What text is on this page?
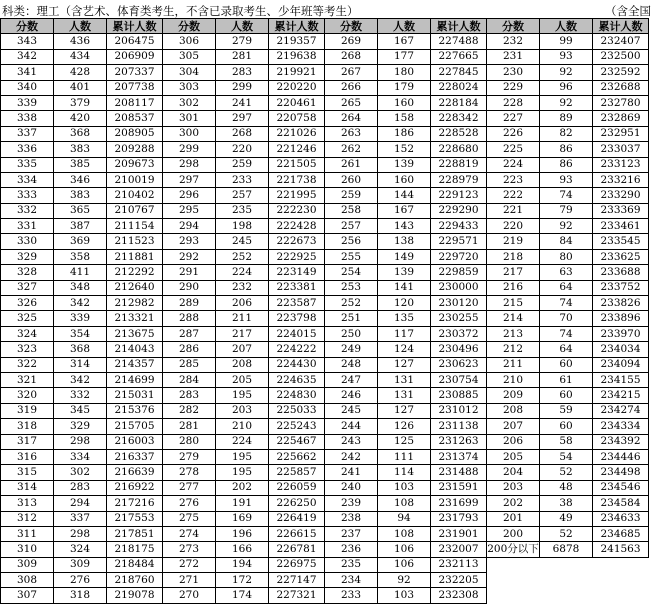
科类：理工（含艺术、体育类考生，不含已录取考生、少年班等考生）	（含全国
分数	人数	累计人数	分数	人数	累计人数	分数	人数	累计人数	分数	人数	累计人数
343	436	206475	306	279	219357	269	167	227488	232	99	232407
342	434	206909	305	281	219638	268	177	227665	231	93	232500
341	428	207337	304	283	219921	267	180	227845	230	92	232592
340	401	207738	303	299	220220	266	179	228024	229	96	232688
339	379	208117	302	241	220461	265	160	228184	228	92	232780
338	420	208537	301	297	220758	264	158	228342	227	89	232869
337	368	208905	300	268	221026	263	186	228528	226	82	232951
336	383	209288	299	220	221246	262	152	228680	225	86	233037
335	385	209673	298	259	221505	261	139	228819	224	86	233123
334	346	210019	297	233	221738	260	160	228979	223	93	233216
333	383	210402	296	257	221995	259	144	229123	222	74	233290
332	365	210767	295	235	222230	258	167	229290	221	79	233369
331	387	211154	294	198	222428	257	143	229433	220	92	233461
330	369	211523	293	245	222673	256	138	229571	219	84	233545
329	358	211881	292	252	222925	255	149	229720	218	80	233625
328	411	212292	291	224	223149	254	139	229859	217	63	233688
327	348	212640	290	232	223381	253	141	230000	216	64	233752
326	342	212982	289	206	223587	252	120	230120	215	74	233826
325	339	213321	288	211	223798	251	135	230255	214	70	233896
324	354	213675	287	217	224015	250	117	230372	213	74	233970
323	368	214043	286	207	224222	249	124	230496	212	64	234034
322	314	214357	285	208	224430	248	127	230623	211	60	234094
321	342	214699	284	205	224635	247	131	230754	210	61	234155
320	332	215031	283	195	224830	246	131	230885	209	60	234215
319	345	215376	282	203	225033	245	127	231012	208	59	234274
318	329	215705	281	210	225243	244	126	231138	207	60	234334
317	298	216003	280	224	225467	243	125	231263	206	58	234392
316	334	216337	279	195	225662	242	111	231374	205	54	234446
315	302	216639	278	195	225857	241	114	231488	204	52	234498
314	283	216922	277	202	226059	240	103	231591	203	48	234546
313	294	217216	276	191	226250	239	108	231699	202	38	234584
312	337	217553	275	169	226419	238	94	231793	201	49	234633
311	298	217851	274	196	226615	237	108	231901	200	52	234685
310	324	218175	273	166	226781	236	106	232007	200分以下	6878	241563
309	309	218484	272	194	226975	235	106	232113			
308	276	218760	271	172	227147	234	92	232205			
307	318	219078	270	174	227321	233	103	232308			
